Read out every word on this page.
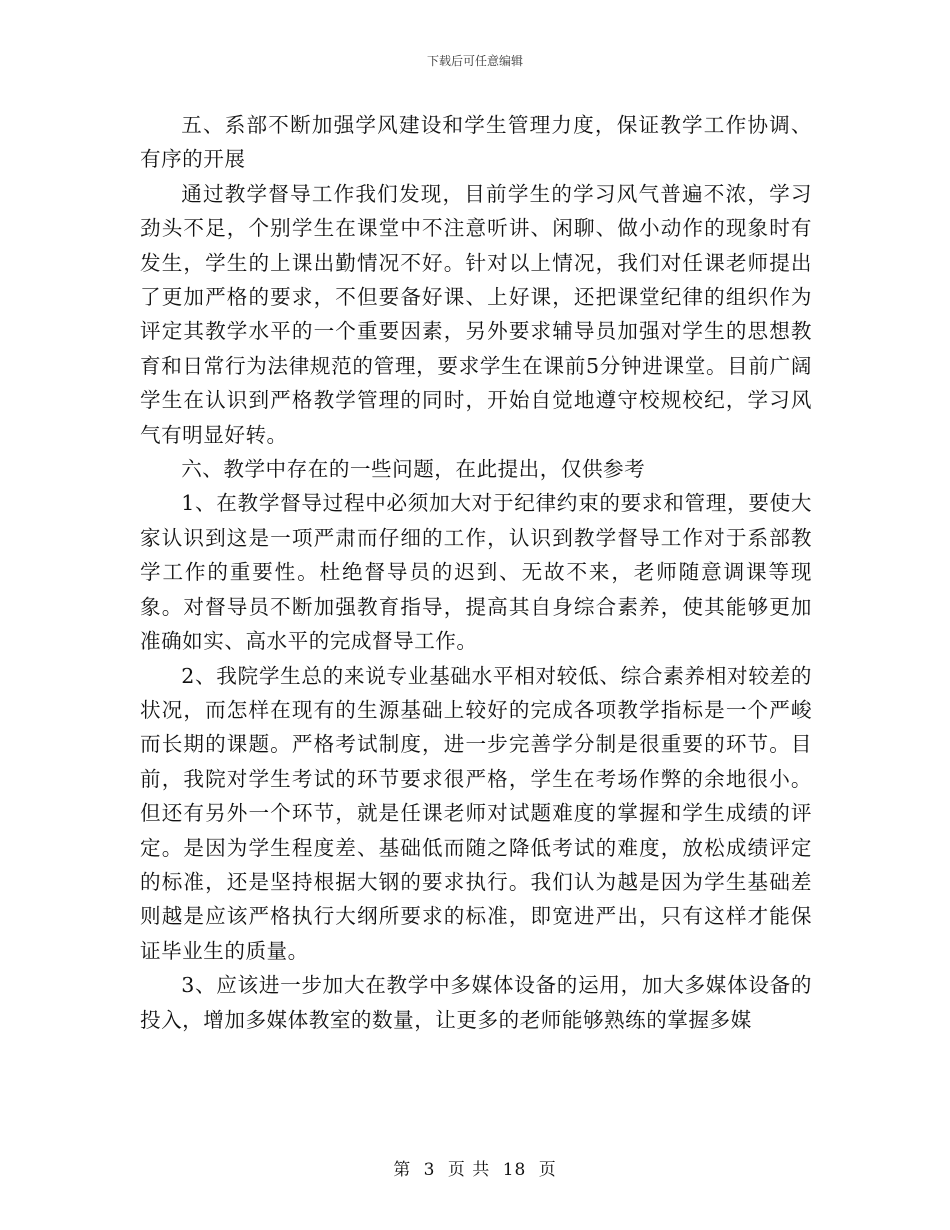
下载后可任意编辑

五、系部不断加强学风建设和学生管理力度，保证教学工作协调、有序的开展

通过教学督导工作我们发现，目前学生的学习风气普遍不浓，学习劲头不足，个别学生在课堂中不注意听讲、闲聊、做小动作的现象时有发生，学生的上课出勤情况不好。针对以上情况，我们对任课老师提出了更加严格的要求，不但要备好课、上好课，还把课堂纪律的组织作为评定其教学水平的一个重要因素，另外要求辅导员加强对学生的思想教育和日常行为法律规范的管理，要求学生在课前5分钟进课堂。目前广阔学生在认识到严格教学管理的同时，开始自觉地遵守校规校纪，学习风气有明显好转。

六、教学中存在的一些问题，在此提出，仅供参考

1、在教学督导过程中必须加大对于纪律约束的要求和管理，要使大家认识到这是一项严肃而仔细的工作，认识到教学督导工作对于系部教学工作的重要性。杜绝督导员的迟到、无故不来，老师随意调课等现象。对督导员不断加强教育指导，提高其自身综合素养，使其能够更加准确如实、高水平的完成督导工作。

2、我院学生总的来说专业基础水平相对较低、综合素养相对较差的状况，而怎样在现有的生源基础上较好的完成各项教学指标是一个严峻而长期的课题。严格考试制度，进一步完善学分制是很重要的环节。目前，我院对学生考试的环节要求很严格，学生在考场作弊的余地很小。但还有另外一个环节，就是任课老师对试题难度的掌握和学生成绩的评定。是因为学生程度差、基础低而随之降低考试的难度，放松成绩评定的标准，还是坚持根据大钢的要求执行。我们认为越是因为学生基础差则越是应该严格执行大纲所要求的标准，即宽进严出，只有这样才能保证毕业生的质量。

3、应该进一步加大在教学中多媒体设备的运用，加大多媒体设备的投入，增加多媒体教室的数量，让更多的老师能够熟练的掌握多媒

第 3 页 共 18 页
